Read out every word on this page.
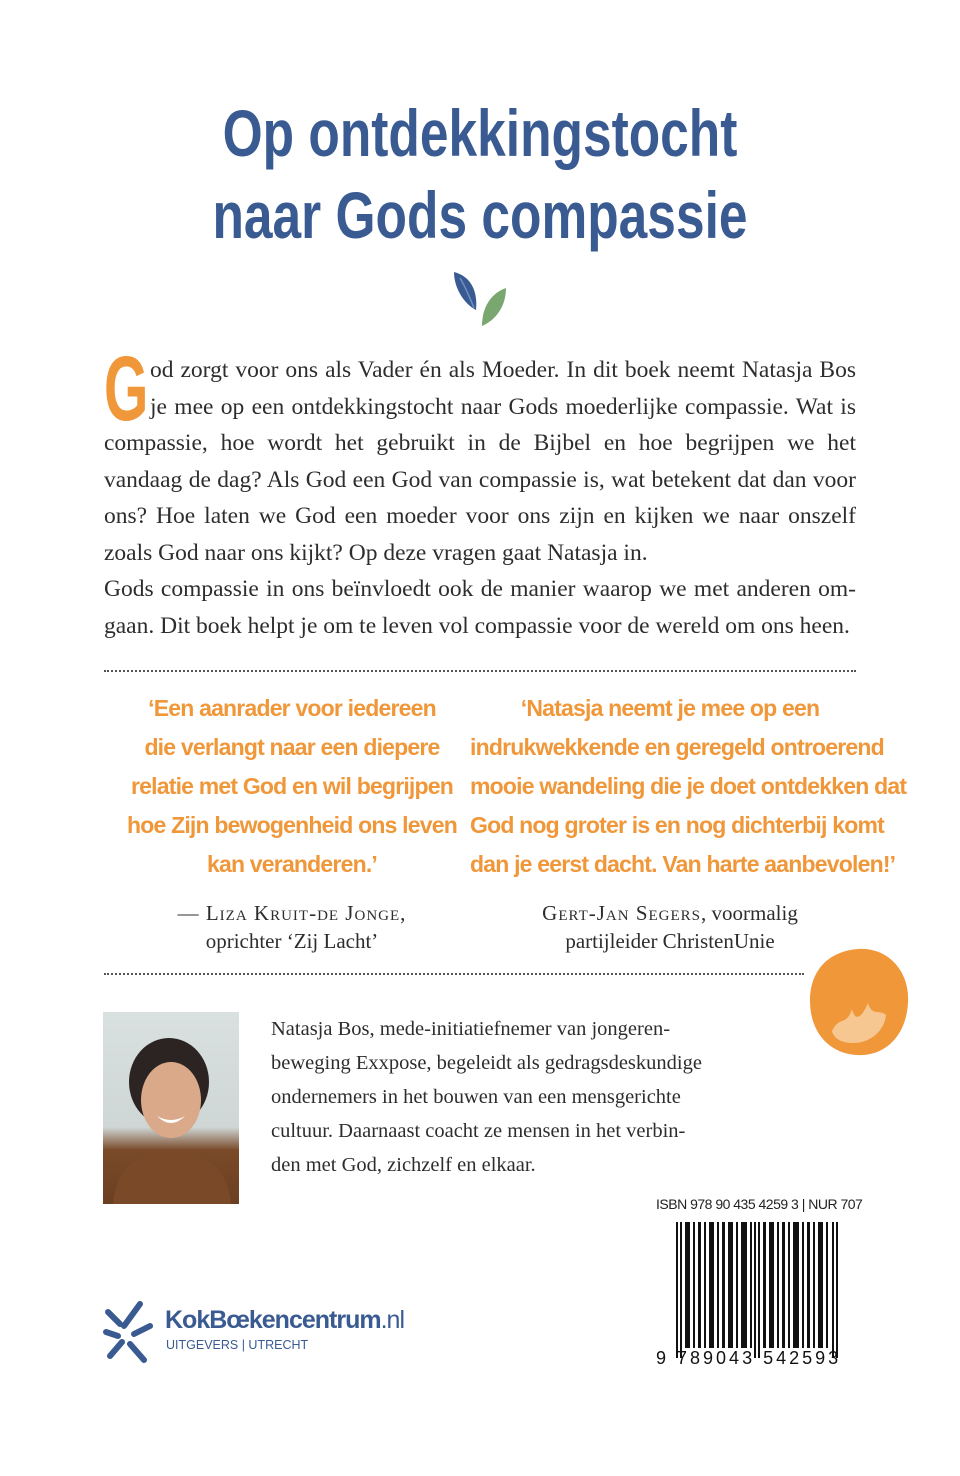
Op ontdekkingstocht
naar Gods compassie

God zorgt voor ons als Vader én als Moeder. In dit boek neemt Natasja Bos je mee op een ontdekkingstocht naar Gods moederlijke compassie. Wat is compassie, hoe wordt het gebruikt in de Bijbel en hoe begrijpen we het vandaag de dag? Als God een God van compassie is, wat betekent dat dan voor ons? Hoe laten we God een moeder voor ons zijn en kijken we naar onszelf zoals God naar ons kijkt? Op deze vragen gaat Natasja in.

Gods compassie in ons beïnvloedt ook de manier waarop we met anderen om-gaan. Dit boek helpt je om te leven vol compassie voor de wereld om ons heen.

‘Een aanrader voor iedereen
die verlangt naar een diepere
relatie met God en wil begrijpen
hoe Zijn bewogenheid ons leven
kan veranderen.’
— Liza Kruit-de Jonge,
oprichter ‘Zij Lacht’
‘Natasja neemt je mee op een
indrukwekkende en geregeld ontroerend
mooie wandeling die je doet ontdekken dat
God nog groter is en nog dichterbij komt
dan je eerst dacht. Van harte aanbevolen!’
Gert-Jan Segers, voormalig
partijleider ChristenUnie
Natasja Bos, mede-initiatiefnemer van jongeren-
beweging Exxpose, begeleidt als gedragsdeskundige
ondernemers in het bouwen van een mensgerichte
cultuur. Daarnaast coacht ze mensen in het verbin-
den met God, zichzelf en elkaar.
ISBN 978 90 435 4259 3 | NUR 707
9 789043 542593
KokBœkencentrum.nl
UITGEVERS | UTRECHT
